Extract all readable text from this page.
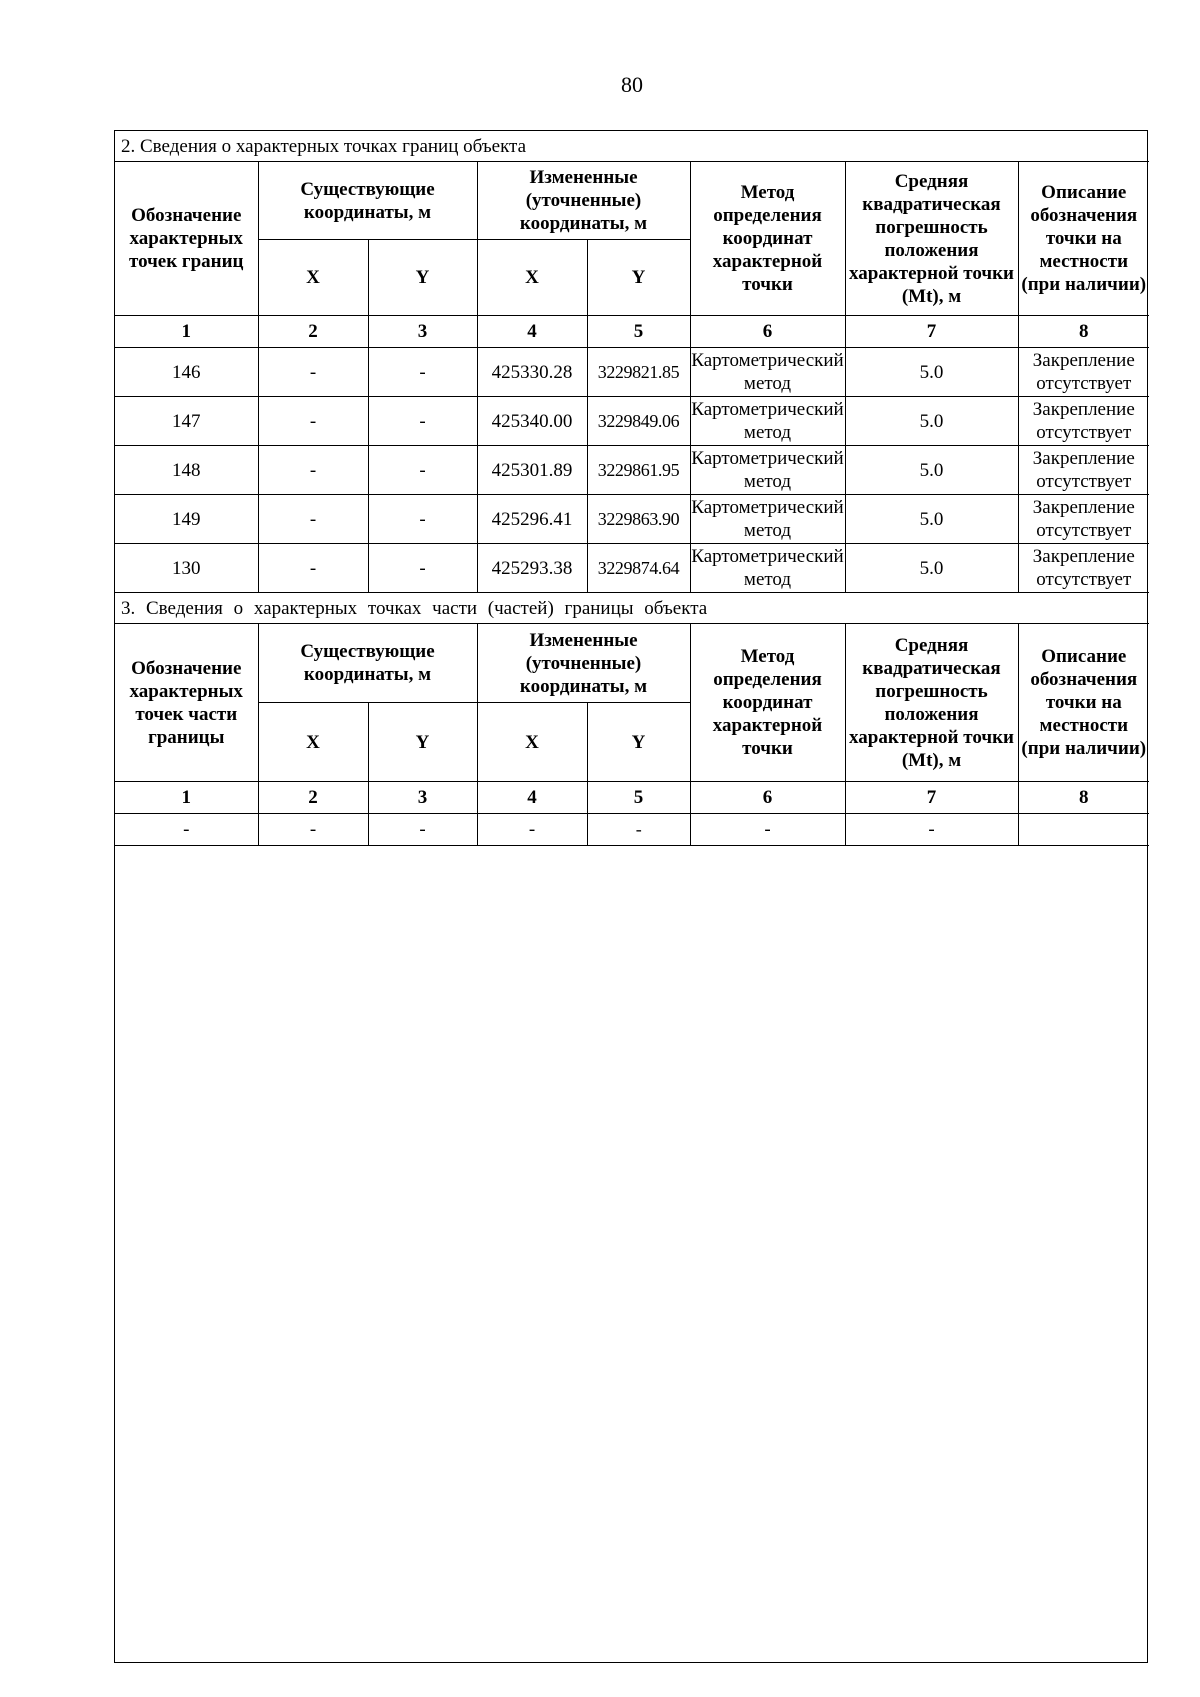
80
2. Сведения о характерных точках границ объекта							
Обозначение характерных точек границ	Существующие координаты, м		Измененные (уточненные) координаты, м		Метод определения координат характерной точки	Средняя квадратическая погрешность положения характерной точки (Mt), м	Описание обозначения точки на местности (при наличии)
	X	Y	X	Y			
1	2	3	4	5	6	7	8
146	-	-	425330.28	3229821.85	Картометрический метод	5.0	Закрепление отсутствует
147	-	-	425340.00	3229849.06	Картометрический метод	5.0	Закрепление отсутствует
148	-	-	425301.89	3229861.95	Картометрический метод	5.0	Закрепление отсутствует
149	-	-	425296.41	3229863.90	Картометрический метод	5.0	Закрепление отсутствует
130	-	-	425293.38	3229874.64	Картометрический метод	5.0	Закрепление отсутствует
3. Сведения о характерных точках части (частей) границы объекта							
Обозначение характерных точек части границы	Существующие координаты, м		Измененные (уточненные) координаты, м		Метод определения координат характерной точки	Средняя квадратическая погрешность положения характерной точки (Mt), м	Описание обозначения точки на местности (при наличии)
	X	Y	X	Y			
1	2	3	4	5	6	7	8
-	-	-	-	-	-	-	
